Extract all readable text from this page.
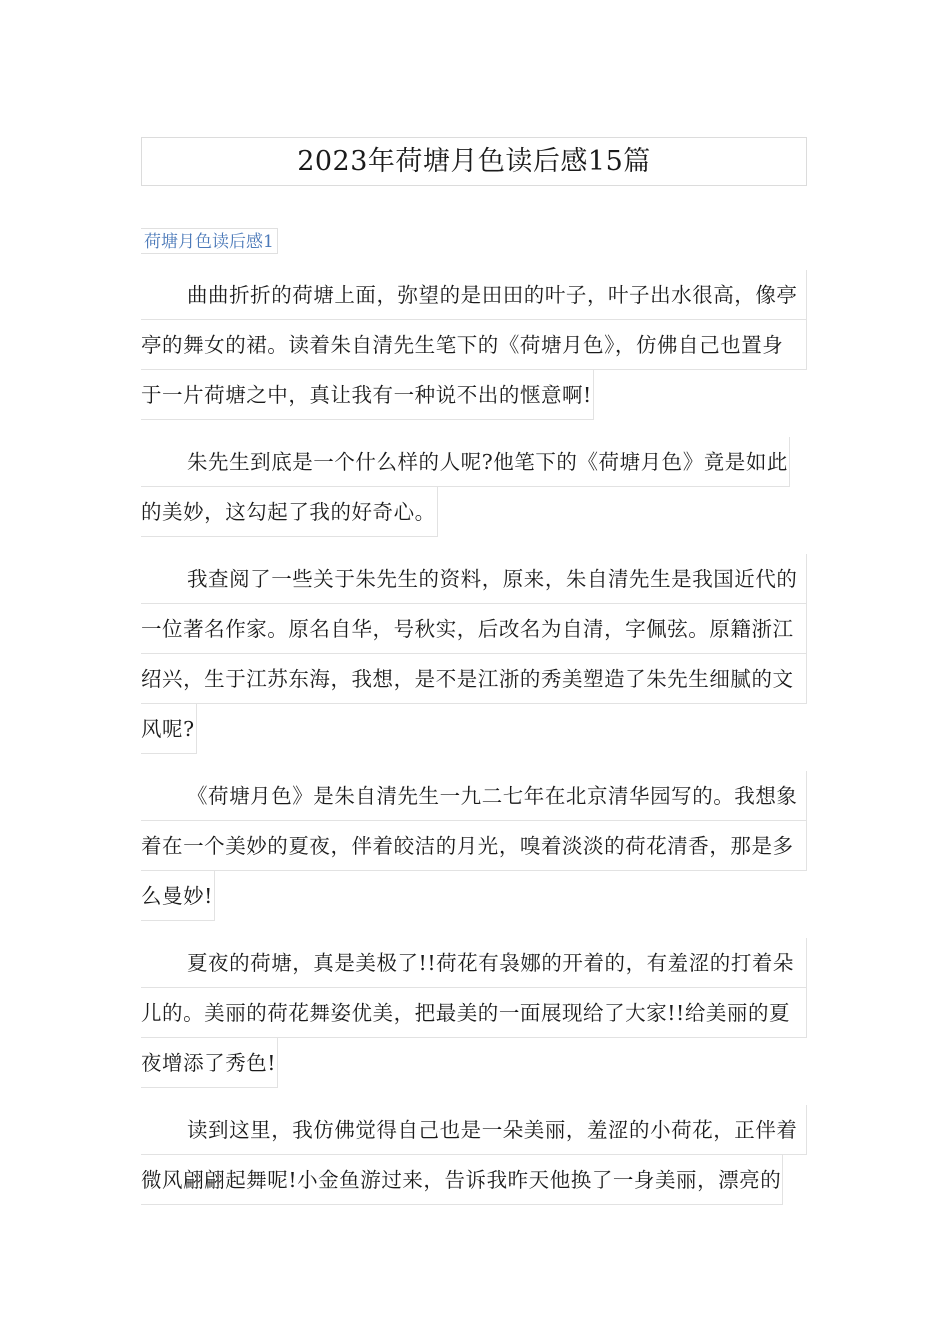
2023年荷塘月色读后感15篇
荷塘月色读后感1
曲曲折折的荷塘上面，弥望的是田田的叶子，叶子出水很高，像亭
亭的舞女的裙。读着朱自清先生笔下的《荷塘月色》，仿佛自己也置身
于一片荷塘之中，真让我有一种说不出的惬意啊!
朱先生到底是一个什么样的人呢?他笔下的《荷塘月色》竟是如此
的美妙，这勾起了我的好奇心。
我查阅了一些关于朱先生的资料，原来，朱自清先生是我国近代的
一位著名作家。原名自华，号秋实，后改名为自清，字佩弦。原籍浙江
绍兴，生于江苏东海，我想，是不是江浙的秀美塑造了朱先生细腻的文
风呢?
《荷塘月色》是朱自清先生一九二七年在北京清华园写的。我想象
着在一个美妙的夏夜，伴着皎洁的月光，嗅着淡淡的荷花清香，那是多
么曼妙!
夏夜的荷塘，真是美极了!!荷花有袅娜的开着的，有羞涩的打着朵
儿的。美丽的荷花舞姿优美，把最美的一面展现给了大家!!给美丽的夏
夜增添了秀色!
读到这里，我仿佛觉得自己也是一朵美丽，羞涩的小荷花，正伴着
微风翩翩起舞呢!小金鱼游过来，告诉我昨天他换了一身美丽，漂亮的
